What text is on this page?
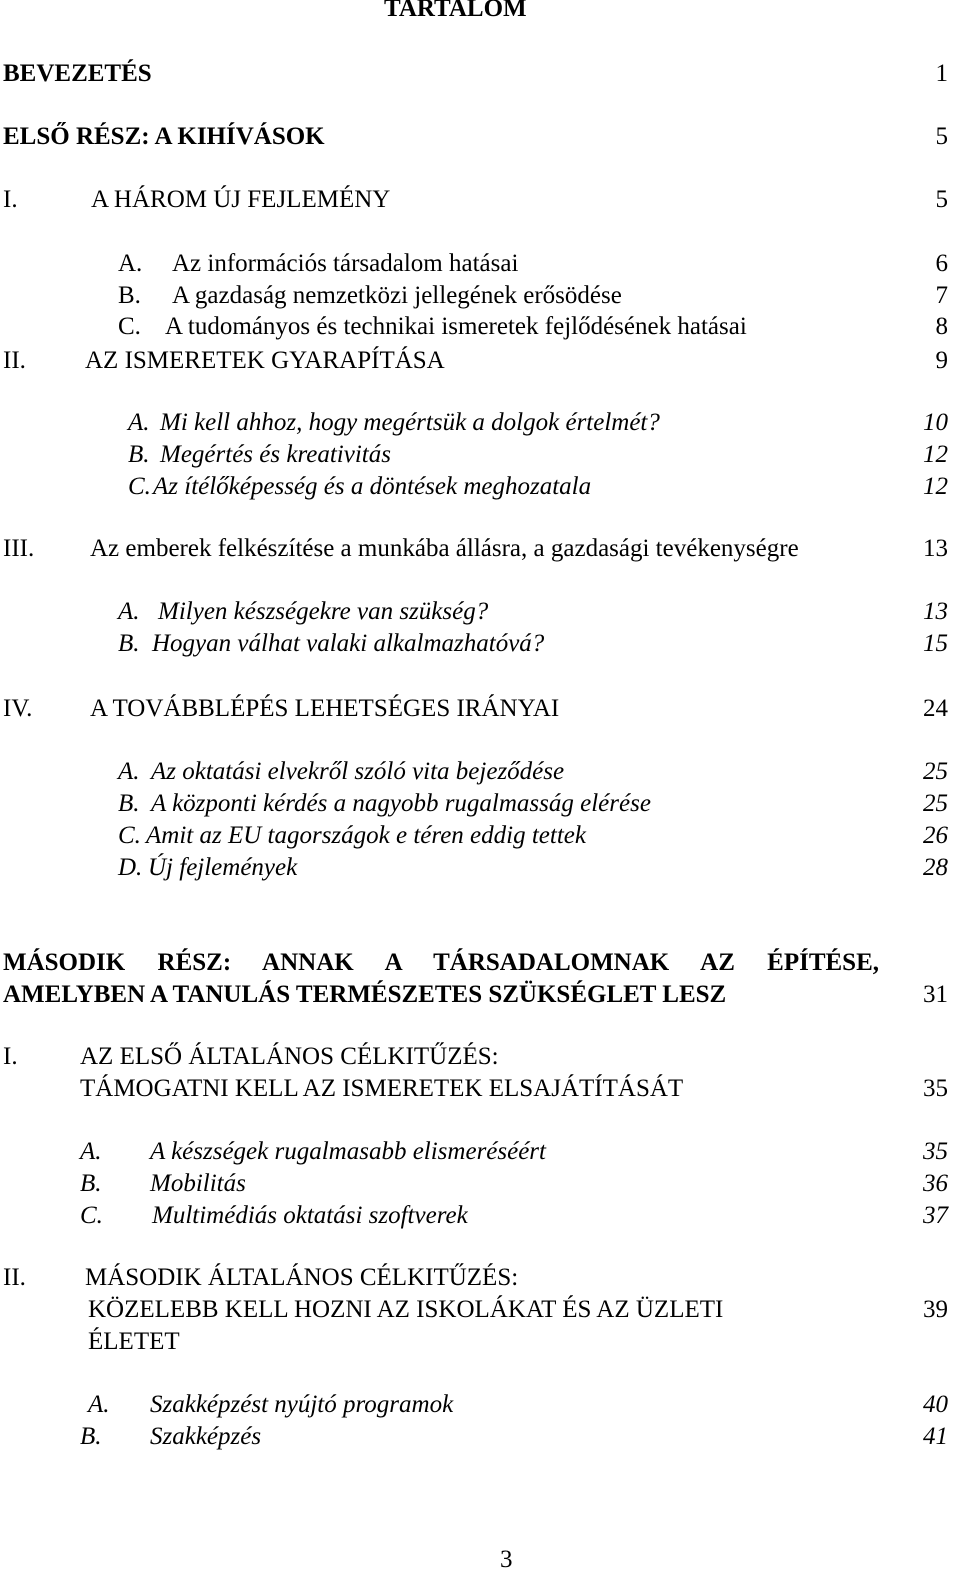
TARTALOM
BEVEZETÉS	1
ELSŐ RÉSZ: A KIHÍVÁSOK	5
I.	A HÁROM ÚJ FEJLEMÉNY	5
A. Az információs társadalom hatásai	6
B. A gazdaság nemzetközi jellegének erősödése	7
C. A tudományos és technikai ismeretek fejlődésének hatásai	8
II. AZ ISMERETEK GYARAPÍTÁSA	9
A. Mi kell ahhoz, hogy megértsük a dolgok értelmét?	10
B. Megértés és kreativitás	12
C. Az ítélőképesség és a döntések meghozatala	12
III. Az emberek felkészítése a munkába állásra, a gazdasági tevékenységre	13
A. Milyen készségekre van szükség?	13
B. Hogyan válhat valaki alkalmazhatóvá?	15
IV. A TOVÁBBLÉPÉS LEHETSÉGES IRÁNYAI	24
A. Az oktatási elvekről szóló vita bejeződése	25
B. A központi kérdés a nagyobb rugalmasság elérése	25
C. Amit az EU tagországok e téren eddig tettek	26
D. Új fejlemények	28
MÁSODIK RÉSZ: ANNAK A TÁRSADALOMNAK AZ ÉPÍTÉSE,
AMELYBEN A TANULÁS TERMÉSZETES SZÜKSÉGLET LESZ	31
I. AZ ELSŐ ÁLTALÁNOS CÉLKITŰZÉS:
TÁMOGATNI KELL AZ ISMERETEK ELSAJÁTÍTÁSÁT	35
A. A készségek rugalmasabb elismeréséért	35
B. Mobilitás	36
C. Multimédiás oktatási szoftverek	37
II. MÁSODIK ÁLTALÁNOS CÉLKITŰZÉS:
KÖZELEBB KELL HOZNI AZ ISKOLÁKAT ÉS AZ ÜZLETI	39
ÉLETET
A. Szakképzést nyújtó programok	40
B. Szakképzés	41
3
